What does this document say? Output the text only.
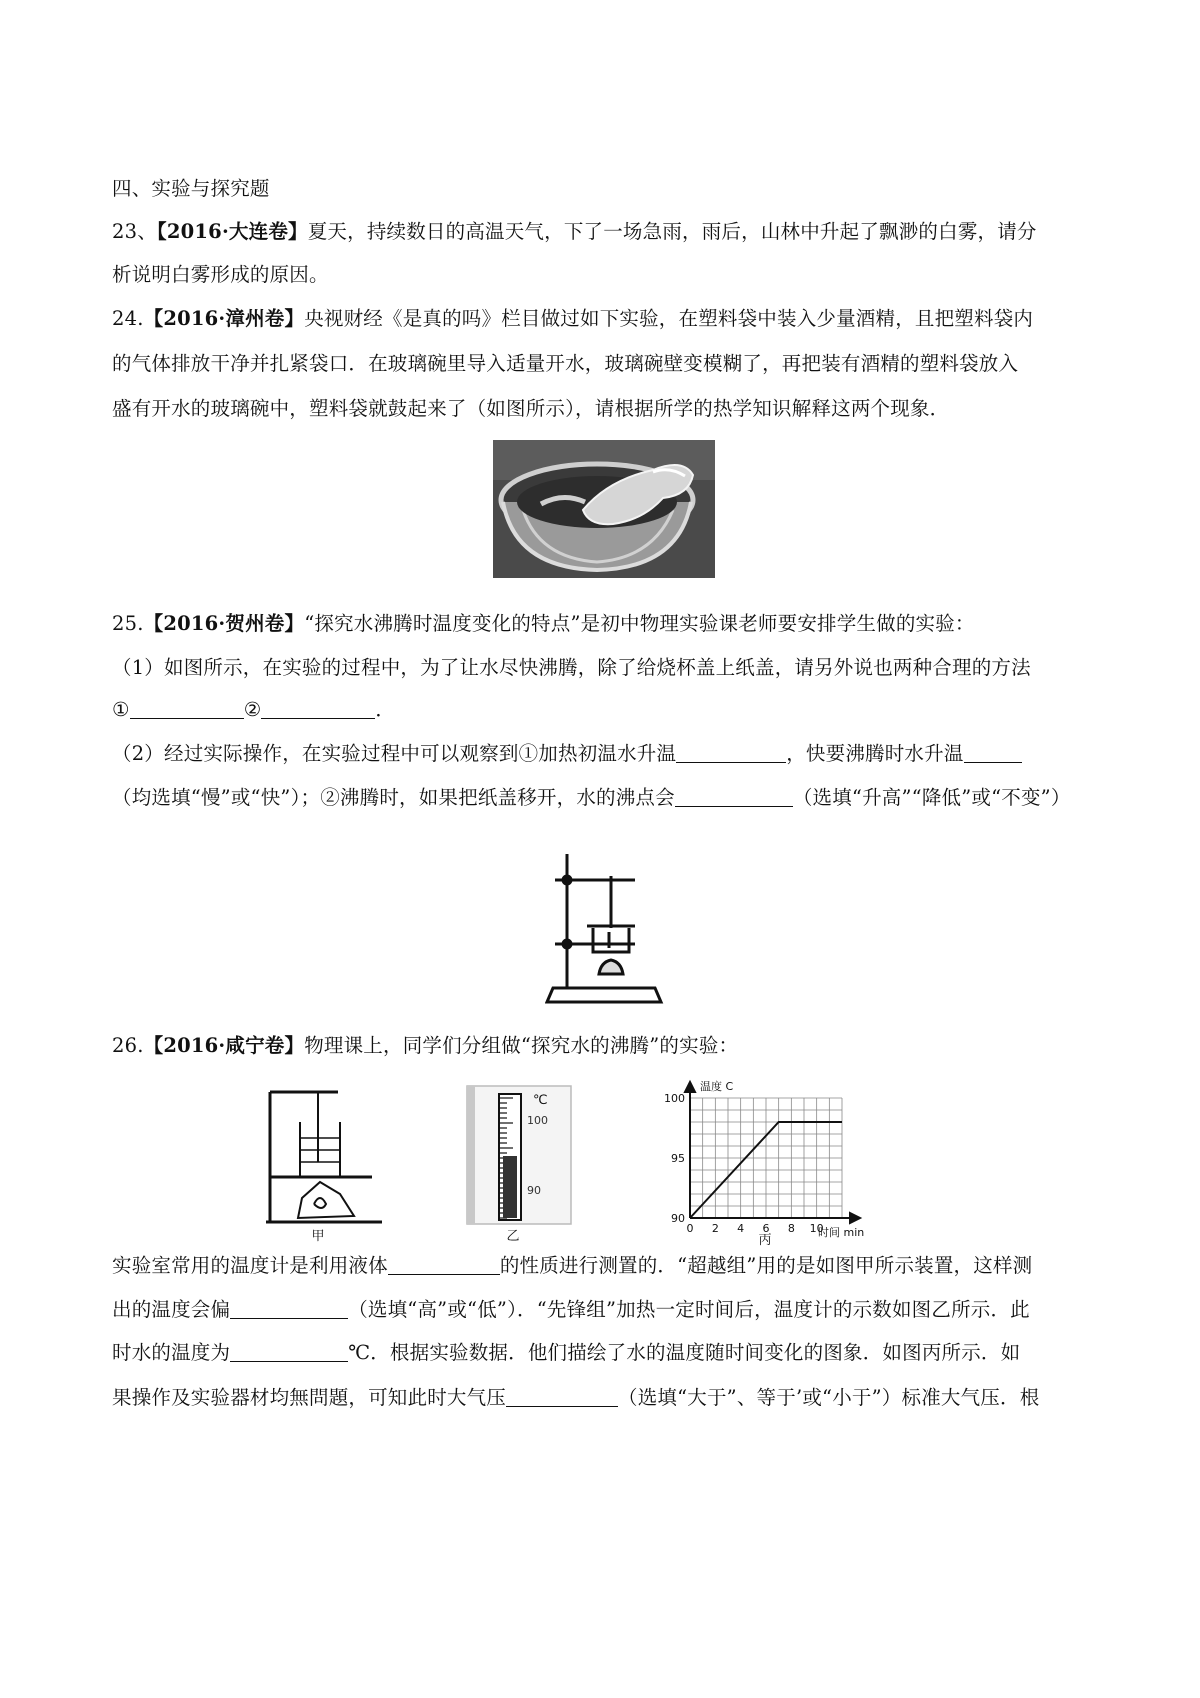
四、实验与探究题
23、【2016·大连卷】夏天，持续数日的高温天气，下了一场急雨，雨后，山林中升起了飘渺的白雾，请分
析说明白雾形成的原因。
24.【2016·漳州卷】央视财经《是真的吗》栏目做过如下实验，在塑料袋中装入少量酒精，且把塑料袋内
的气体排放干净并扎紧袋口．在玻璃碗里导入适量开水，玻璃碗壁变模糊了，再把装有酒精的塑料袋放入
盛有开水的玻璃碗中，塑料袋就鼓起来了（如图所示），请根据所学的热学知识解释这两个现象．
25.【2016·贺州卷】“探究水沸腾时温度变化的特点”是初中物理实验课老师要安排学生做的实验：
（1）如图所示，在实验的过程中，为了让水尽快沸腾，除了给烧杯盖上纸盖，请另外说也两种合理的方法
①	②	．
（2）经过实际操作，在实验过程中可以观察到①加热初温水升温	，快要沸腾时水升温
（均选填“慢”或“快”）；②沸腾时，如果把纸盖移开，水的沸点会	（选填“升高”“降低”或“不变”）
26.【2016·咸宁卷】物理课上，同学们分组做“探究水的沸腾”的实验：
甲
℃
100
90
乙
0 2 4 6 8 10
90
95
100
温度 C
时间 min
丙
实验室常用的温度计是利用液体	的性质进行测置的．“超越组”用的是如图甲所示装置，这样测
出的温度会偏	（选填“高”或“低”）．“先锋组”加热一定时间后，温度计的示数如图乙所示．此
时水的温度为	℃．根据实验数据．他们描绘了水的温度随时间变化的图象．如图丙所示．如
果操作及实验器材均無問題，可知此时大气压	（选填“大于”、等于’或“小于”）标准大气压．根
